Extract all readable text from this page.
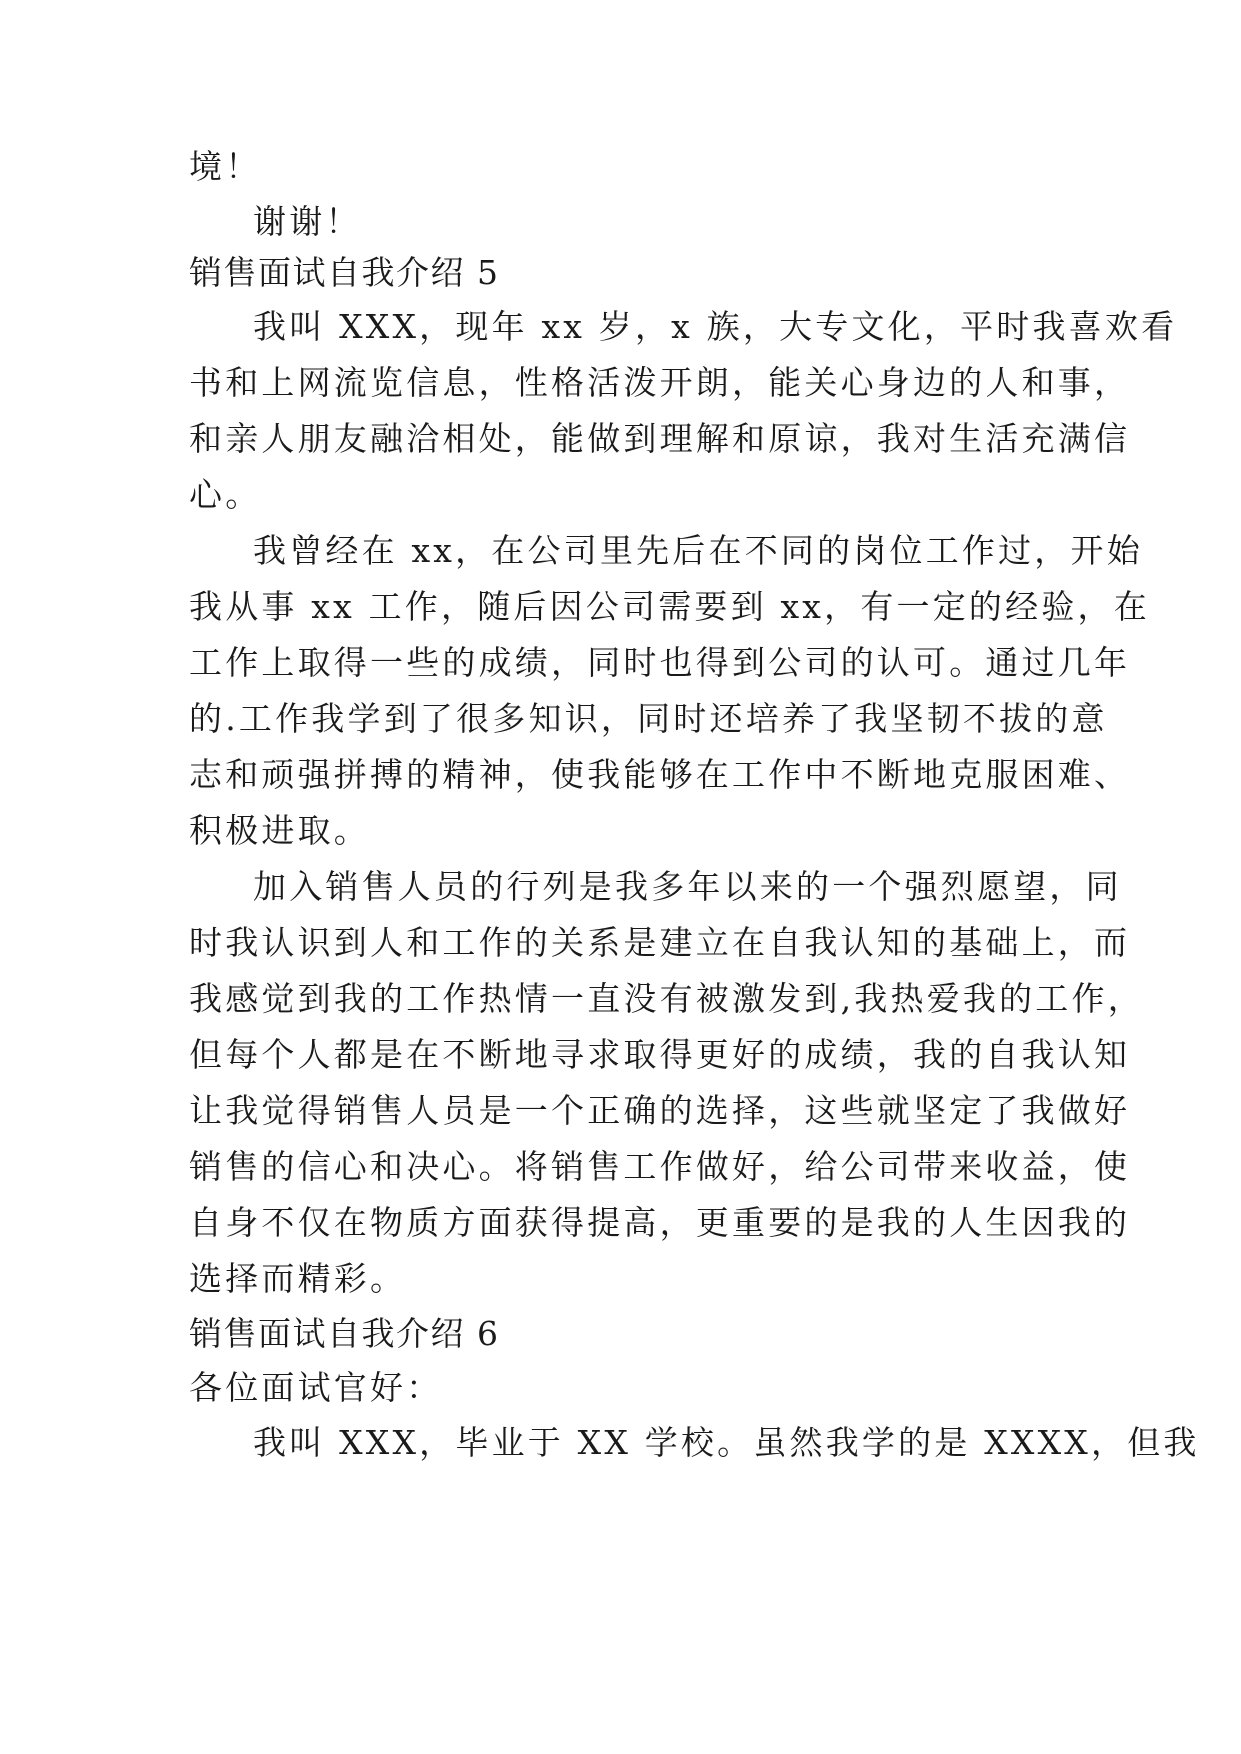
境！
谢谢！
销售面试自我介绍 5
我叫 XXX，现年 xx 岁，x 族，大专文化，平时我喜欢看
书和上网流览信息，性格活泼开朗，能关心身边的人和事，
和亲人朋友融洽相处，能做到理解和原谅，我对生活充满信
心。
我曾经在 xx，在公司里先后在不同的岗位工作过，开始
我从事 xx 工作，随后因公司需要到 xx，有一定的经验，在
工作上取得一些的成绩，同时也得到公司的认可。通过几年
的.工作我学到了很多知识，同时还培养了我坚韧不拔的意
志和顽强拼搏的精神，使我能够在工作中不断地克服困难、
积极进取。
加入销售人员的行列是我多年以来的一个强烈愿望，同
时我认识到人和工作的关系是建立在自我认知的基础上，而
我感觉到我的工作热情一直没有被激发到,我热爱我的工作，
但每个人都是在不断地寻求取得更好的成绩，我的自我认知
让我觉得销售人员是一个正确的选择，这些就坚定了我做好
销售的信心和决心。将销售工作做好，给公司带来收益，使
自身不仅在物质方面获得提高，更重要的是我的人生因我的
选择而精彩。
销售面试自我介绍 6
各位面试官好：
我叫 XXX，毕业于 XX 学校。虽然我学的是 XXXX，但我
